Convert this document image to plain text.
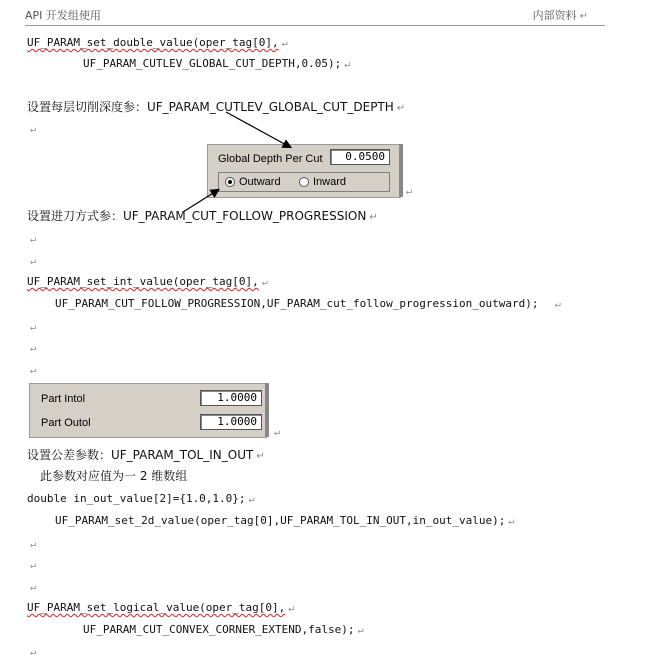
API 开发组使用	内部资料 ↵
UF_PARAM_set_double_value(oper_tag[0], ↵
UF_PARAM_CUTLEV_GLOBAL_CUT_DEPTH,0.05); ↵
设置每层切削深度参：UF_PARAM_CUTLEV_GLOBAL_CUT_DEPTH ↵
↵
Global Depth Per Cut	0.0500
Outward	Inward
↵
设置进刀方式参：UF_PARAM_CUT_FOLLOW_PROGRESSION ↵
↵
↵
UF_PARAM_set_int_value(oper_tag[0], ↵
UF_PARAM_CUT_FOLLOW_PROGRESSION,UF_PARAM_cut_follow_progression_outward); ↵
↵
↵
↵
Part Intol	1.0000
Part Outol	1.0000
↵
设置公差参数：UF_PARAM_TOL_IN_OUT ↵
此参数对应值为一 2 维数组
double in_out_value[2]={1.0,1.0}; ↵
UF_PARAM_set_2d_value(oper_tag[0],UF_PARAM_TOL_IN_OUT,in_out_value); ↵
↵
↵
↵
UF_PARAM_set_logical_value(oper_tag[0], ↵
UF_PARAM_CUT_CONVEX_CORNER_EXTEND,false); ↵
↵
